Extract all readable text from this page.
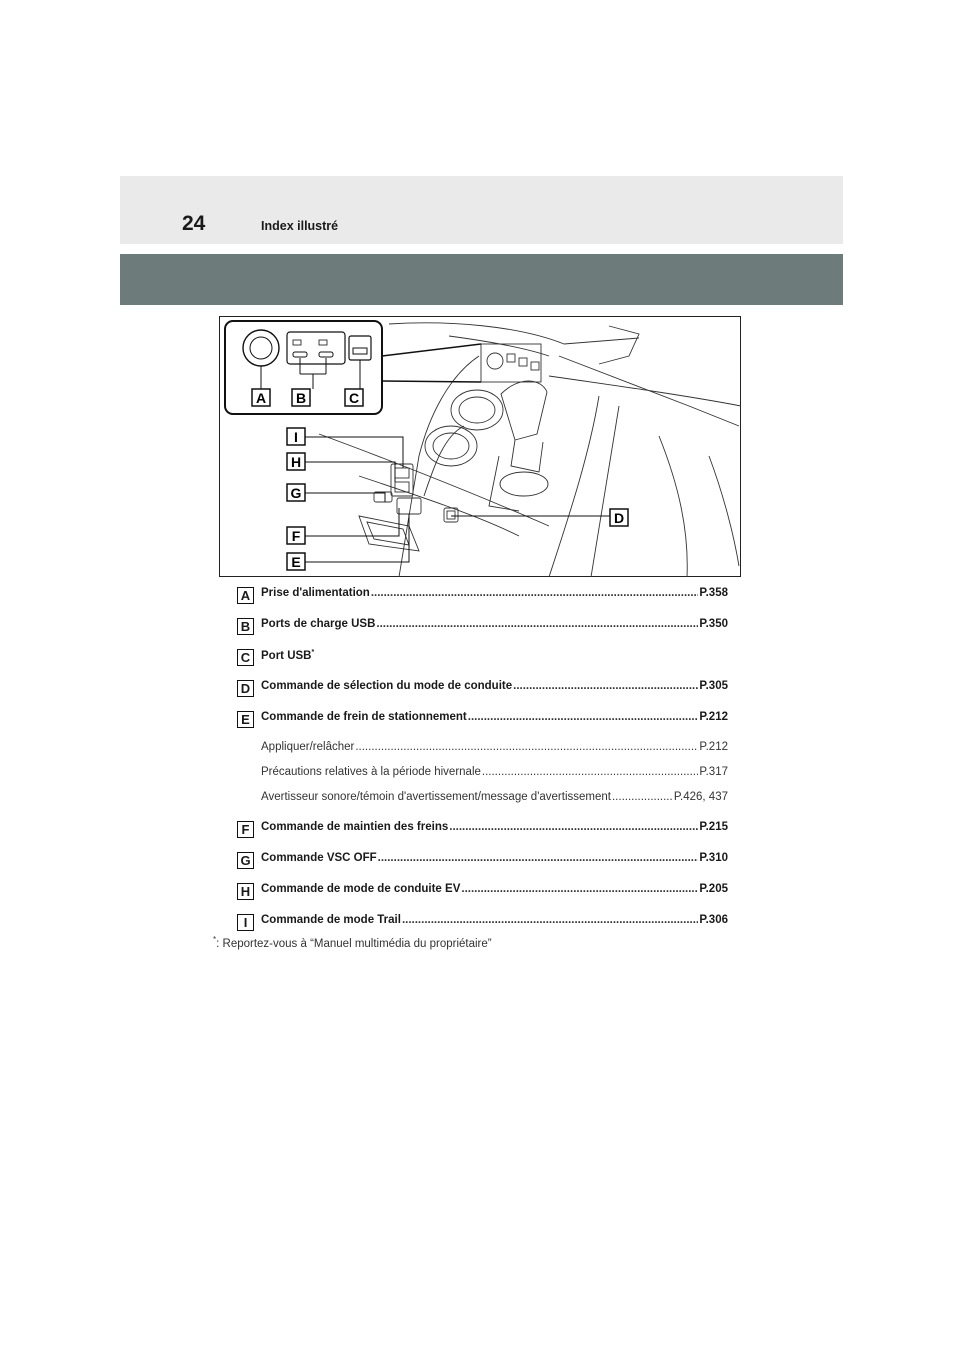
24	Index illustré
A B	C
D
E
F
G
H
I
A Prise d'alimentation .....	P.358
B Ports de charge USB .....	P.350
C Port USB*
D Commande de sélection du mode de conduite .....	P.305
E Commande de frein de stationnement .....	P.212
Appliquer/relâcher .....	P.212
Précautions relatives à la période hivernale .....	P.317
Avertisseur sonore/témoin d'avertissement/message d'avertissement .....	P.426, 437
F	Commande de maintien des freins .....	P.215
G Commande VSC OFF .....	P.310
H Commande de mode de conduite EV .....	P.205
I	Commande de mode Trail .....	P.306
*: Reportez-vous à “Manuel multimédia du propriétaire”
